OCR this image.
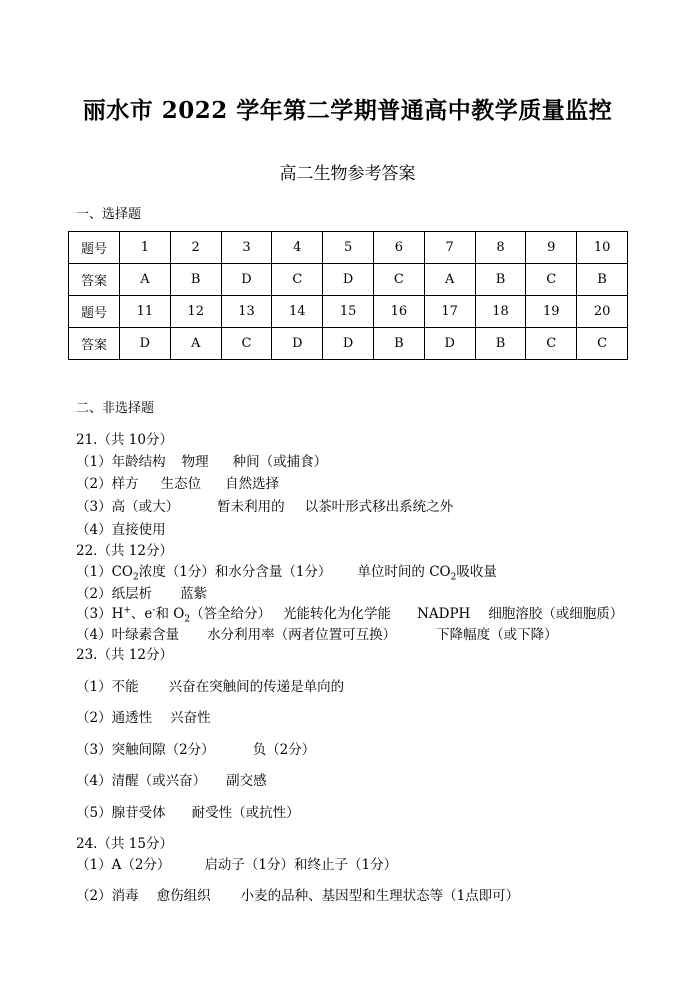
丽水市 2022 学年第二学期普通高中教学质量监控
高二生物参考答案
一、选择题
题号	1	2	3	4	5	6	7	8	9	10
答案	A	B	D	C	D	C	A	B	C	B
题号	11	12	13	14	15	16	17	18	19	20
答案	D	A	C	D	D	B	D	B	C	C
二、非选择题
21.（共 10分）
（1）年龄结构 物理 种间（或捕食）
（2）样方 生态位 自然选择
（3）高（或大）	暂未利用的 以茶叶形式移出系统之外
（4）直接使用
22.（共 12分）
$(1)CO_2$浓度（1分）和水分含量（1分） 单位时间的 $CO_2$吸收量
（2）纸层析 蓝紫
（3）H+、e-和 $O_2$（答全给分） 光能转化为化学能 NADPH 细胞溶胶（或细胞质）
（4）叶绿素含量 水分利用率（两者位置可互换）	下降幅度（或下降）
23.（共 12分）
（1）不能 兴奋在突触间的传递是单向的
（2）通透性 兴奋性
（3）突触间隙（2分）	负（2分）
（4）清醒（或兴奋） 副交感
（5）腺苷受体 耐受性（或抗性）
24.（共 15分）
（1）A（2分）	启动子（1分）和终止子（1分）
（2）消毒 愈伤组织 小麦的品种、基因型和生理状态等（1点即可）
